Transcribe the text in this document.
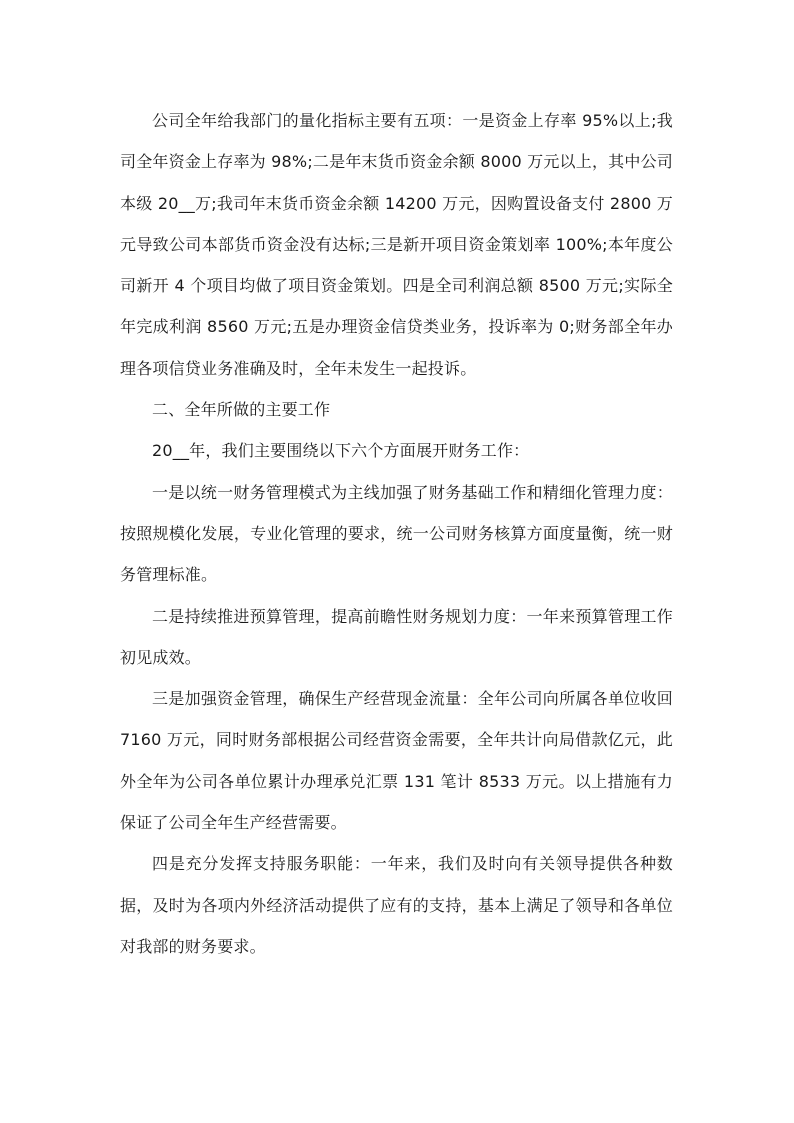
公司全年给我部门的量化指标主要有五项：一是资金上存率 95%以上;我司全年资金上存率为 98%;二是年末货币资金余额 8000 万元以上，其中公司本级 20__万;我司年末货币资金余额 14200 万元，因购置设备支付 2800 万元导致公司本部货币资金没有达标;三是新开项目资金策划率 100%;本年度公司新开 4 个项目均做了项目资金策划。四是全司利润总额 8500 万元;实际全年完成利润 8560 万元;五是办理资金信贷类业务，投诉率为 0;财务部全年办理各项信贷业务准确及时，全年未发生一起投诉。

二、全年所做的主要工作

20__年，我们主要围绕以下六个方面展开财务工作：

一是以统一财务管理模式为主线加强了财务基础工作和精细化管理力度：按照规模化发展，专业化管理的要求，统一公司财务核算方面度量衡，统一财务管理标准。

二是持续推进预算管理，提高前瞻性财务规划力度：一年来预算管理工作初见成效。

三是加强资金管理，确保生产经营现金流量：全年公司向所属各单位收回 7160 万元，同时财务部根据公司经营资金需要，全年共计向局借款亿元，此外全年为公司各单位累计办理承兑汇票 131 笔计 8533 万元。以上措施有力保证了公司全年生产经营需要。

四是充分发挥支持服务职能：一年来，我们及时向有关领导提供各种数据，及时为各项内外经济活动提供了应有的支持，基本上满足了领导和各单位对我部的财务要求。
